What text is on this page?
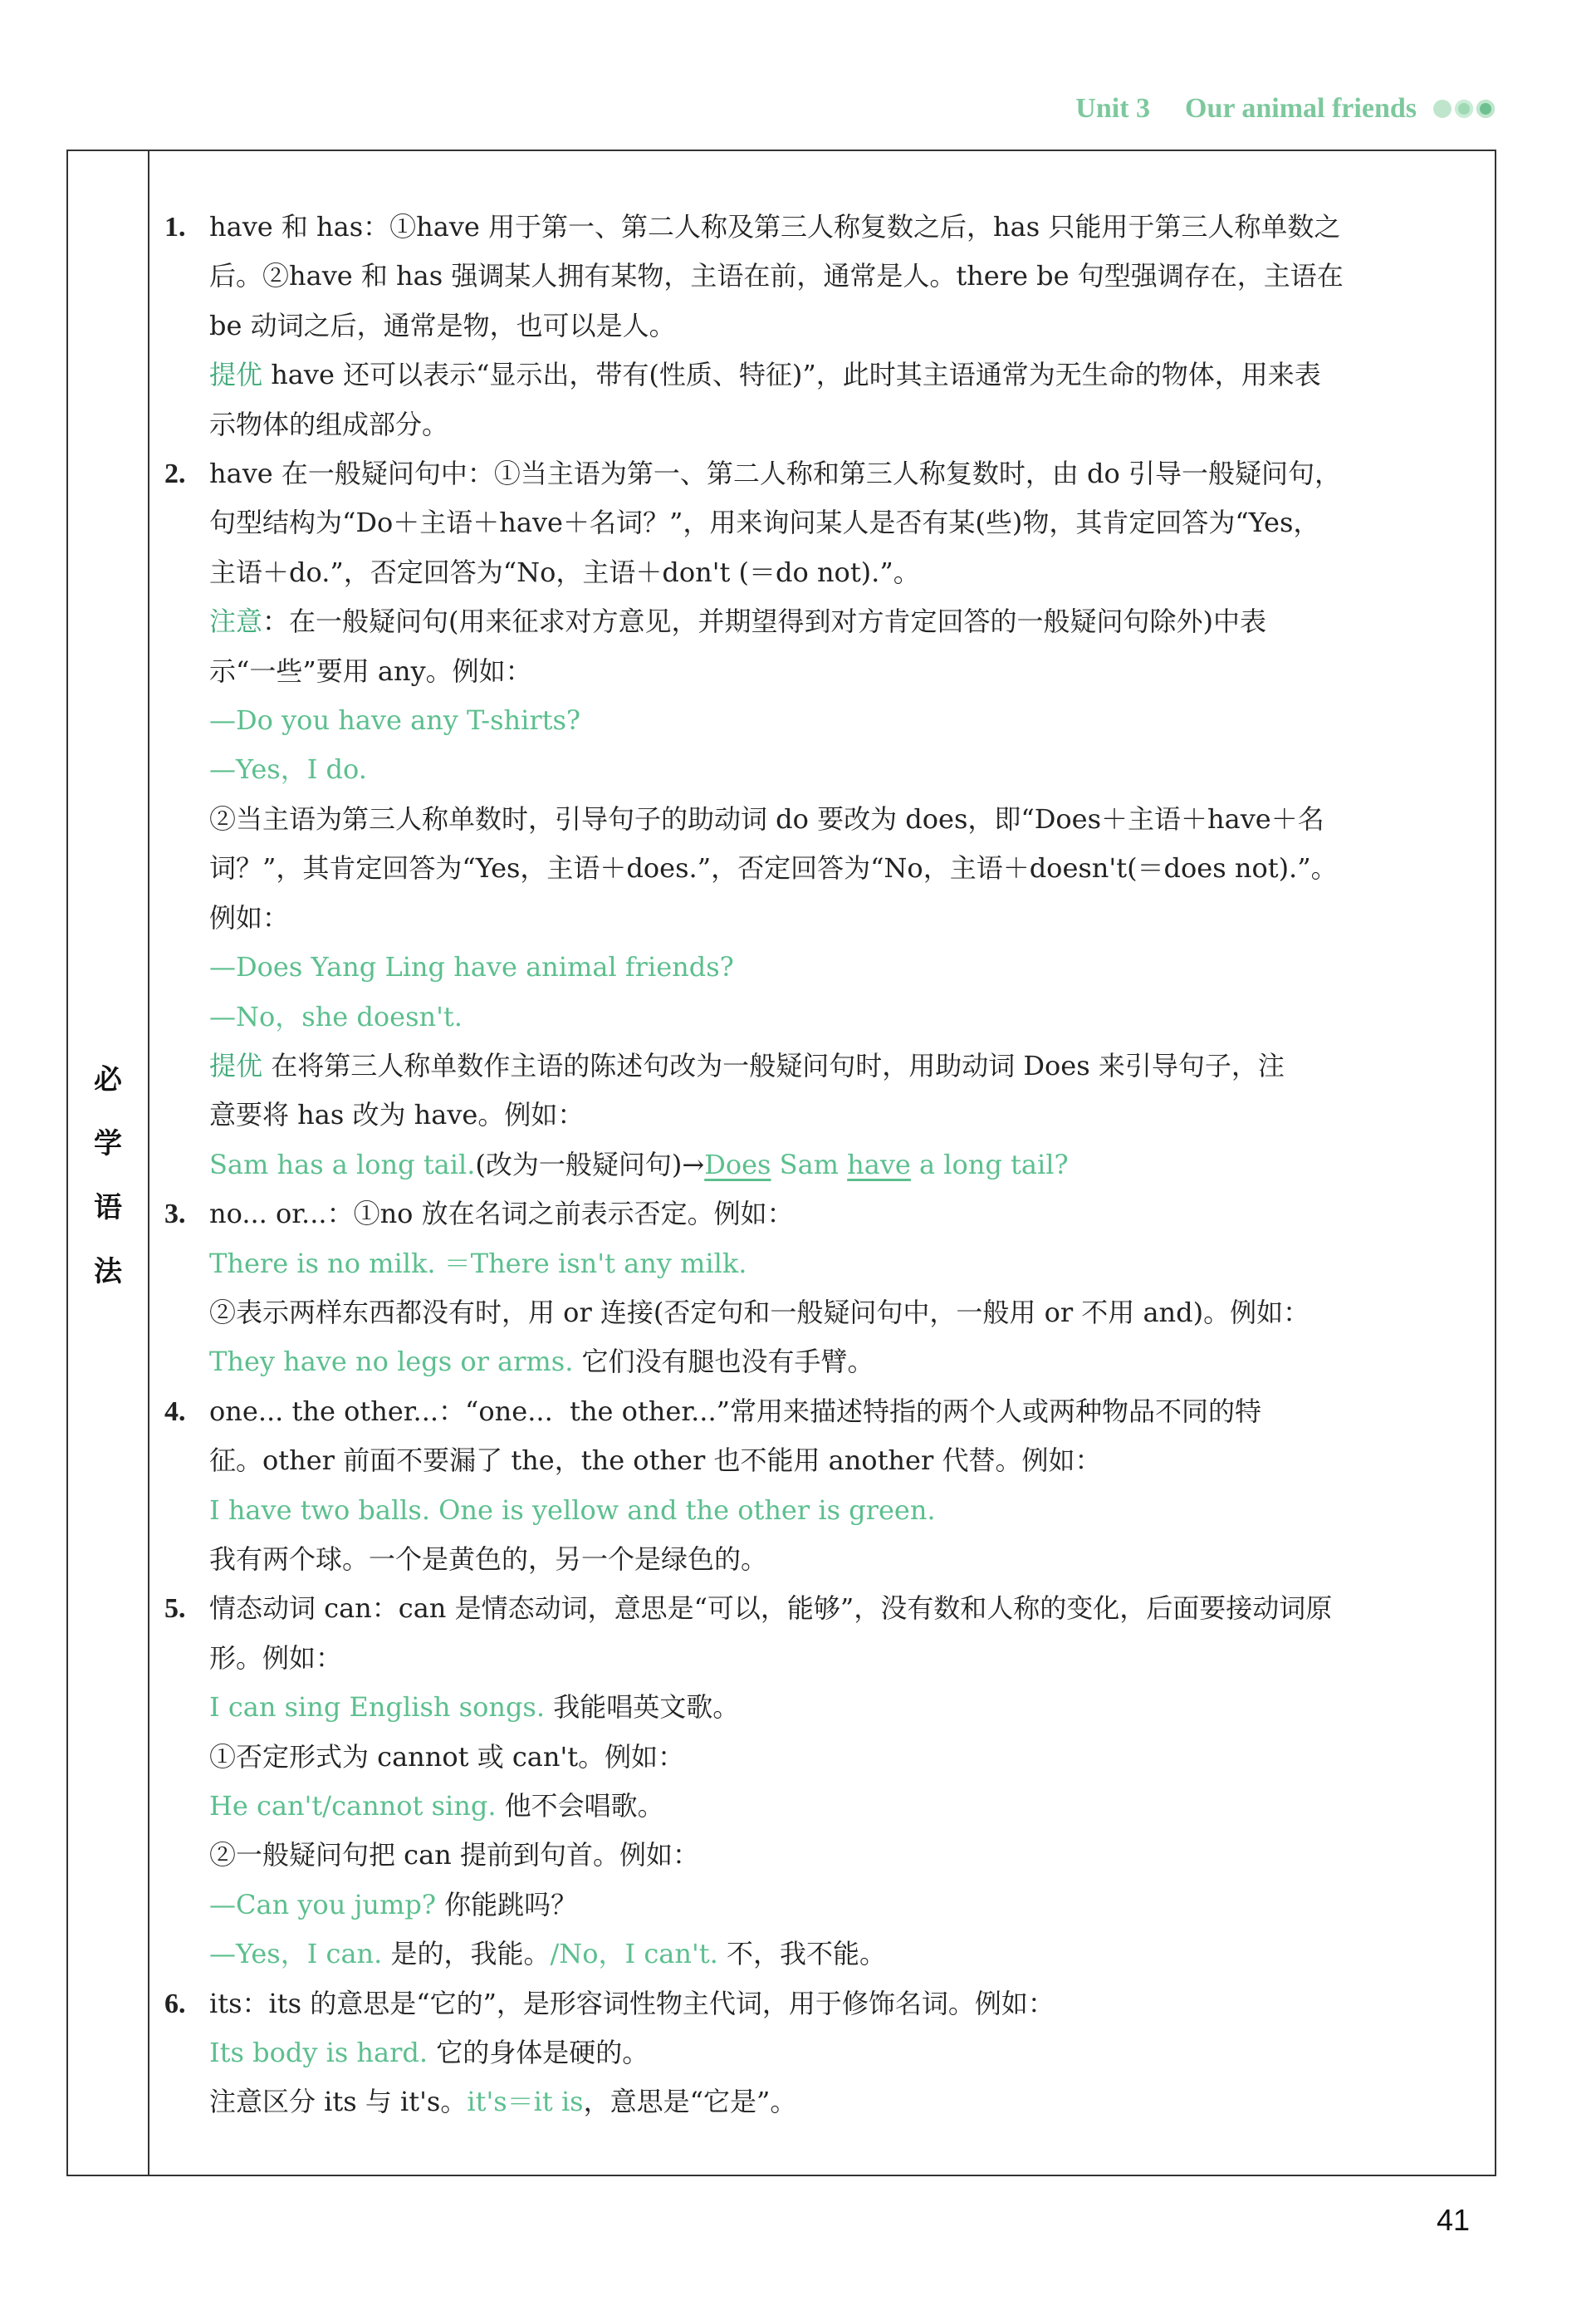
Unit 3 Our animal friends
必
学
语
法
1. have 和 has：①have 用于第一、第二人称及第三人称复数之后，has 只能用于第三人称单数之
后。②have 和 has 强调某人拥有某物，主语在前，通常是人。there be 句型强调存在，主语在
be 动词之后，通常是物，也可以是人。
提优 have 还可以表示“显示出，带有(性质、特征)”，此时其主语通常为无生命的物体，用来表
示物体的组成部分。
2. have 在一般疑问句中：①当主语为第一、第二人称和第三人称复数时，由 do 引导一般疑问句，
句型结构为“Do＋主语＋have＋名词？”，用来询问某人是否有某(些)物，其肯定回答为“Yes，
主语＋do.”，否定回答为“No，主语＋don't (＝do not).”。
注意：在一般疑问句(用来征求对方意见，并期望得到对方肯定回答的一般疑问句除外)中表
示“一些”要用 any。例如：
—Do you have any T-shirts?
—Yes，I do.
②当主语为第三人称单数时，引导句子的助动词 do 要改为 does，即“Does＋主语＋have＋名
词？”，其肯定回答为“Yes，主语＋does.”，否定回答为“No，主语＋doesn't(＝does not).”。
例如：
—Does Yang Ling have animal friends?
—No，she doesn't.
提优 在将第三人称单数作主语的陈述句改为一般疑问句时，用助动词 Does 来引导句子，注
意要将 has 改为 have。例如：
Sam has a long tail.(改为一般疑问句)→Does Sam have a long tail?
3. no... or...：①no 放在名词之前表示否定。例如：
There is no milk. ＝There isn't any milk.
②表示两样东西都没有时，用 or 连接(否定句和一般疑问句中，一般用 or 不用 and)。例如：
They have no legs or arms. 它们没有腿也没有手臂。
4. one... the other...：“one...  the other...”常用来描述特指的两个人或两种物品不同的特
征。other 前面不要漏了 the，the other 也不能用 another 代替。例如：
I have two balls. One is yellow and the other is green.
我有两个球。一个是黄色的，另一个是绿色的。
5. 情态动词 can：can 是情态动词，意思是“可以，能够”，没有数和人称的变化，后面要接动词原
形。例如：
I can sing English songs. 我能唱英文歌。
①否定形式为 cannot 或 can't。例如：
He can't/cannot sing. 他不会唱歌。
②一般疑问句把 can 提前到句首。例如：
—Can you jump? 你能跳吗？
—Yes，I can. 是的，我能。/No，I can't. 不，我不能。
6. its：its 的意思是“它的”，是形容词性物主代词，用于修饰名词。例如：
Its body is hard. 它的身体是硬的。
注意区分 its 与 it's。it's＝it is，意思是“它是”。
41
